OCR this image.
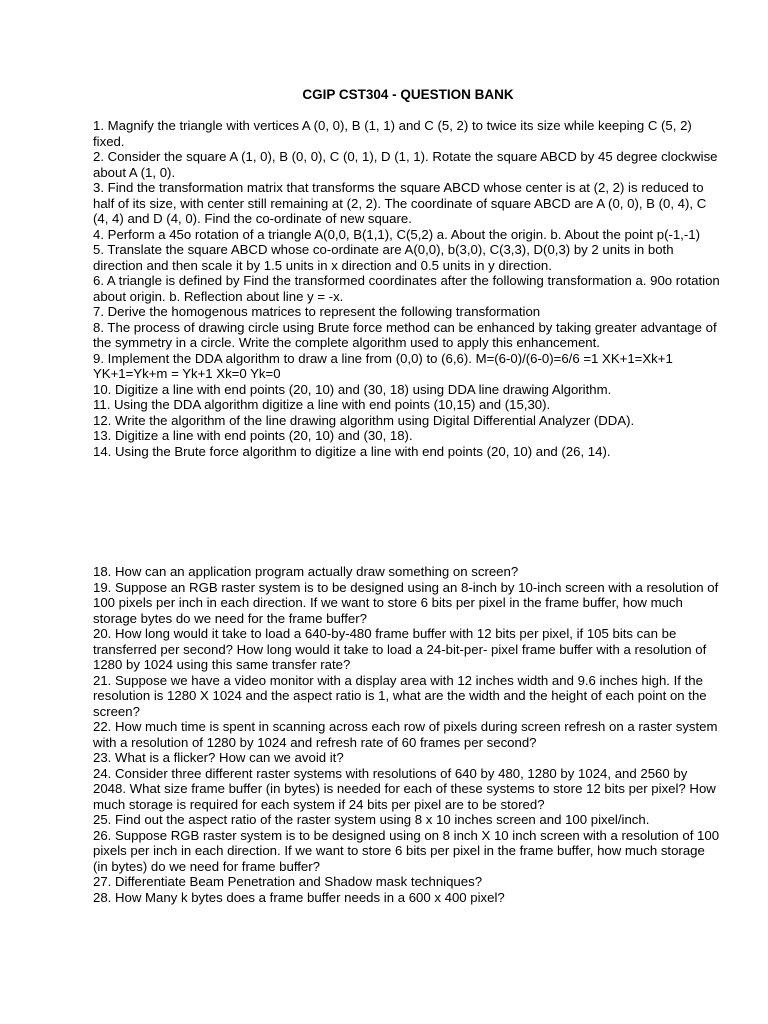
CGIP CST304 - QUESTION BANK

1. Magnify the triangle with vertices A (0, 0), B (1, 1) and C (5, 2) to twice its size while keeping C (5, 2) fixed.

2. Consider the square A (1, 0), B (0, 0), C (0, 1), D (1, 1). Rotate the square ABCD by 45 degree clockwise about A (1, 0).

3. Find the transformation matrix that transforms the square ABCD whose center is at (2, 2) is reduced to half of its size, with center still remaining at (2, 2). The coordinate of square ABCD are A (0, 0), B (0, 4), C (4, 4) and D (4, 0). Find the co-ordinate of new square.

4. Perform a 45o rotation of a triangle A(0,0, B(1,1), C(5,2) a. About the origin. b. About the point p(-1,-1)

5. Translate the square ABCD whose co-ordinate are A(0,0), b(3,0), C(3,3), D(0,3) by 2 units in both direction and then scale it by 1.5 units in x direction and 0.5 units in y direction.

6. A triangle is defined by Find the transformed coordinates after the following transformation a. 90o rotation about origin. b. Reflection about line y = -x.

7. Derive the homogenous matrices to represent the following transformation

8. The process of drawing circle using Brute force method can be enhanced by taking greater advantage of the symmetry in a circle. Write the complete algorithm used to apply this enhancement.

9. Implement the DDA algorithm to draw a line from (0,0) to (6,6). M=(6-0)/(6-0)=6/6 =1 XK+1=Xk+1 YK+1=Yk+m = Yk+1 Xk=0 Yk=0

10. Digitize a line with end points (20, 10) and (30, 18) using DDA line drawing Algorithm.

11. Using the DDA algorithm digitize a line with end points (10,15) and (15,30).

12. Write the algorithm of the line drawing algorithm using Digital Differential Analyzer (DDA).

13. Digitize a line with end points (20, 10) and (30, 18).

14. Using the Brute force algorithm to digitize a line with end points (20, 10) and (26, 14).

18. How can an application program actually draw something on screen?

19. Suppose an RGB raster system is to be designed using an 8-inch by 10-inch screen with a resolution of 100 pixels per inch in each direction. If we want to store 6 bits per pixel in the frame buffer, how much storage bytes do we need for the frame buffer?

20. How long would it take to load a 640-by-480 frame buffer with 12 bits per pixel, if 105 bits can be transferred per second? How long would it take to load a 24-bit-per- pixel frame buffer with a resolution of 1280 by 1024 using this same transfer rate?

21. Suppose we have a video monitor with a display area with 12 inches width and 9.6 inches high. If the resolution is 1280 X 1024 and the aspect ratio is 1, what are the width and the height of each point on the screen?

22. How much time is spent in scanning across each row of pixels during screen refresh on a raster system with a resolution of 1280 by 1024 and refresh rate of 60 frames per second?

23. What is a flicker? How can we avoid it?

24. Consider three different raster systems with resolutions of 640 by 480, 1280 by 1024, and 2560 by 2048. What size frame buffer (in bytes) is needed for each of these systems to store 12 bits per pixel? How much storage is required for each system if 24 bits per pixel are to be stored?

25. Find out the aspect ratio of the raster system using 8 x 10 inches screen and 100 pixel/inch.

26. Suppose RGB raster system is to be designed using on 8 inch X 10 inch screen with a resolution of 100 pixels per inch in each direction. If we want to store 6 bits per pixel in the frame buffer, how much storage (in bytes) do we need for frame buffer?

27. Differentiate Beam Penetration and Shadow mask techniques?

28. How Many k bytes does a frame buffer needs in a 600 x 400 pixel?
